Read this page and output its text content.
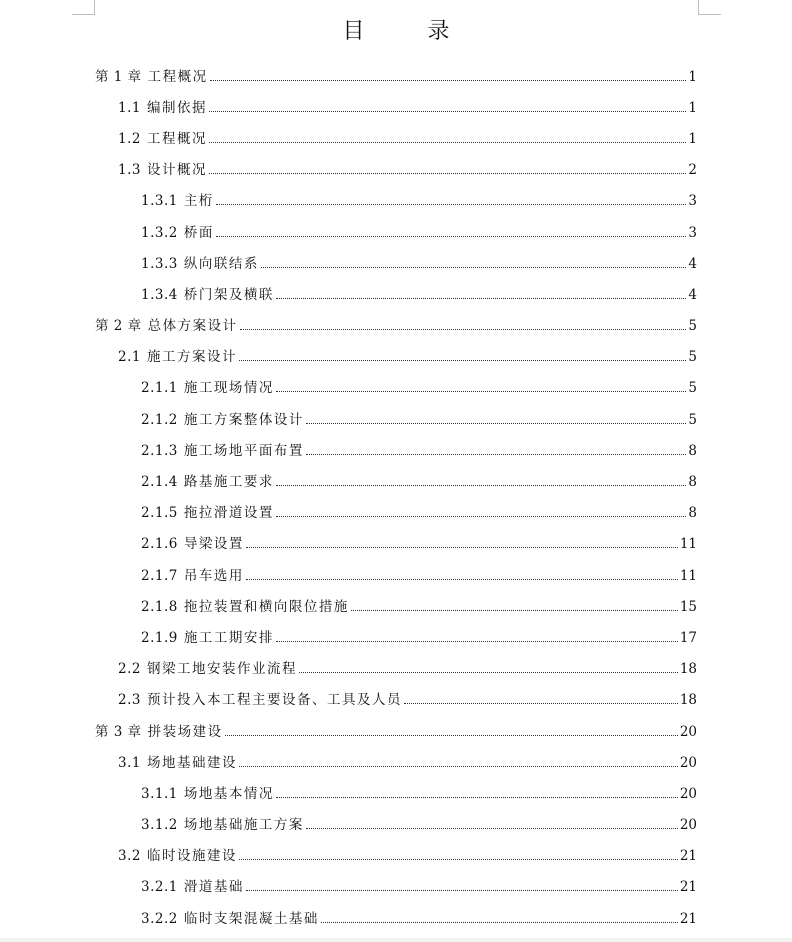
目 录
第 1 章 工程概况	1
1.1 编制依据	1
1.2 工程概况	1
1.3 设计概况	2
1.3.1 主桁	3
1.3.2 桥面	3
1.3.3 纵向联结系	4
1.3.4 桥门架及横联	4
第 2 章 总体方案设计	5
2.1 施工方案设计	5
2.1.1 施工现场情况	5
2.1.2 施工方案整体设计	5
2.1.3 施工场地平面布置	8
2.1.4 路基施工要求	8
2.1.5 拖拉滑道设置	8
2.1.6 导梁设置	11
2.1.7 吊车选用	11
2.1.8 拖拉装置和横向限位措施	15
2.1.9 施工工期安排	17
2.2 钢梁工地安装作业流程	18
2.3 预计投入本工程主要设备、工具及人员	18
第 3 章 拼装场建设	20
3.1 场地基础建设	20
3.1.1 场地基本情况	20
3.1.2 场地基础施工方案	20
3.2 临时设施建设	21
3.2.1 滑道基础	21
3.2.2 临时支架混凝土基础	21
